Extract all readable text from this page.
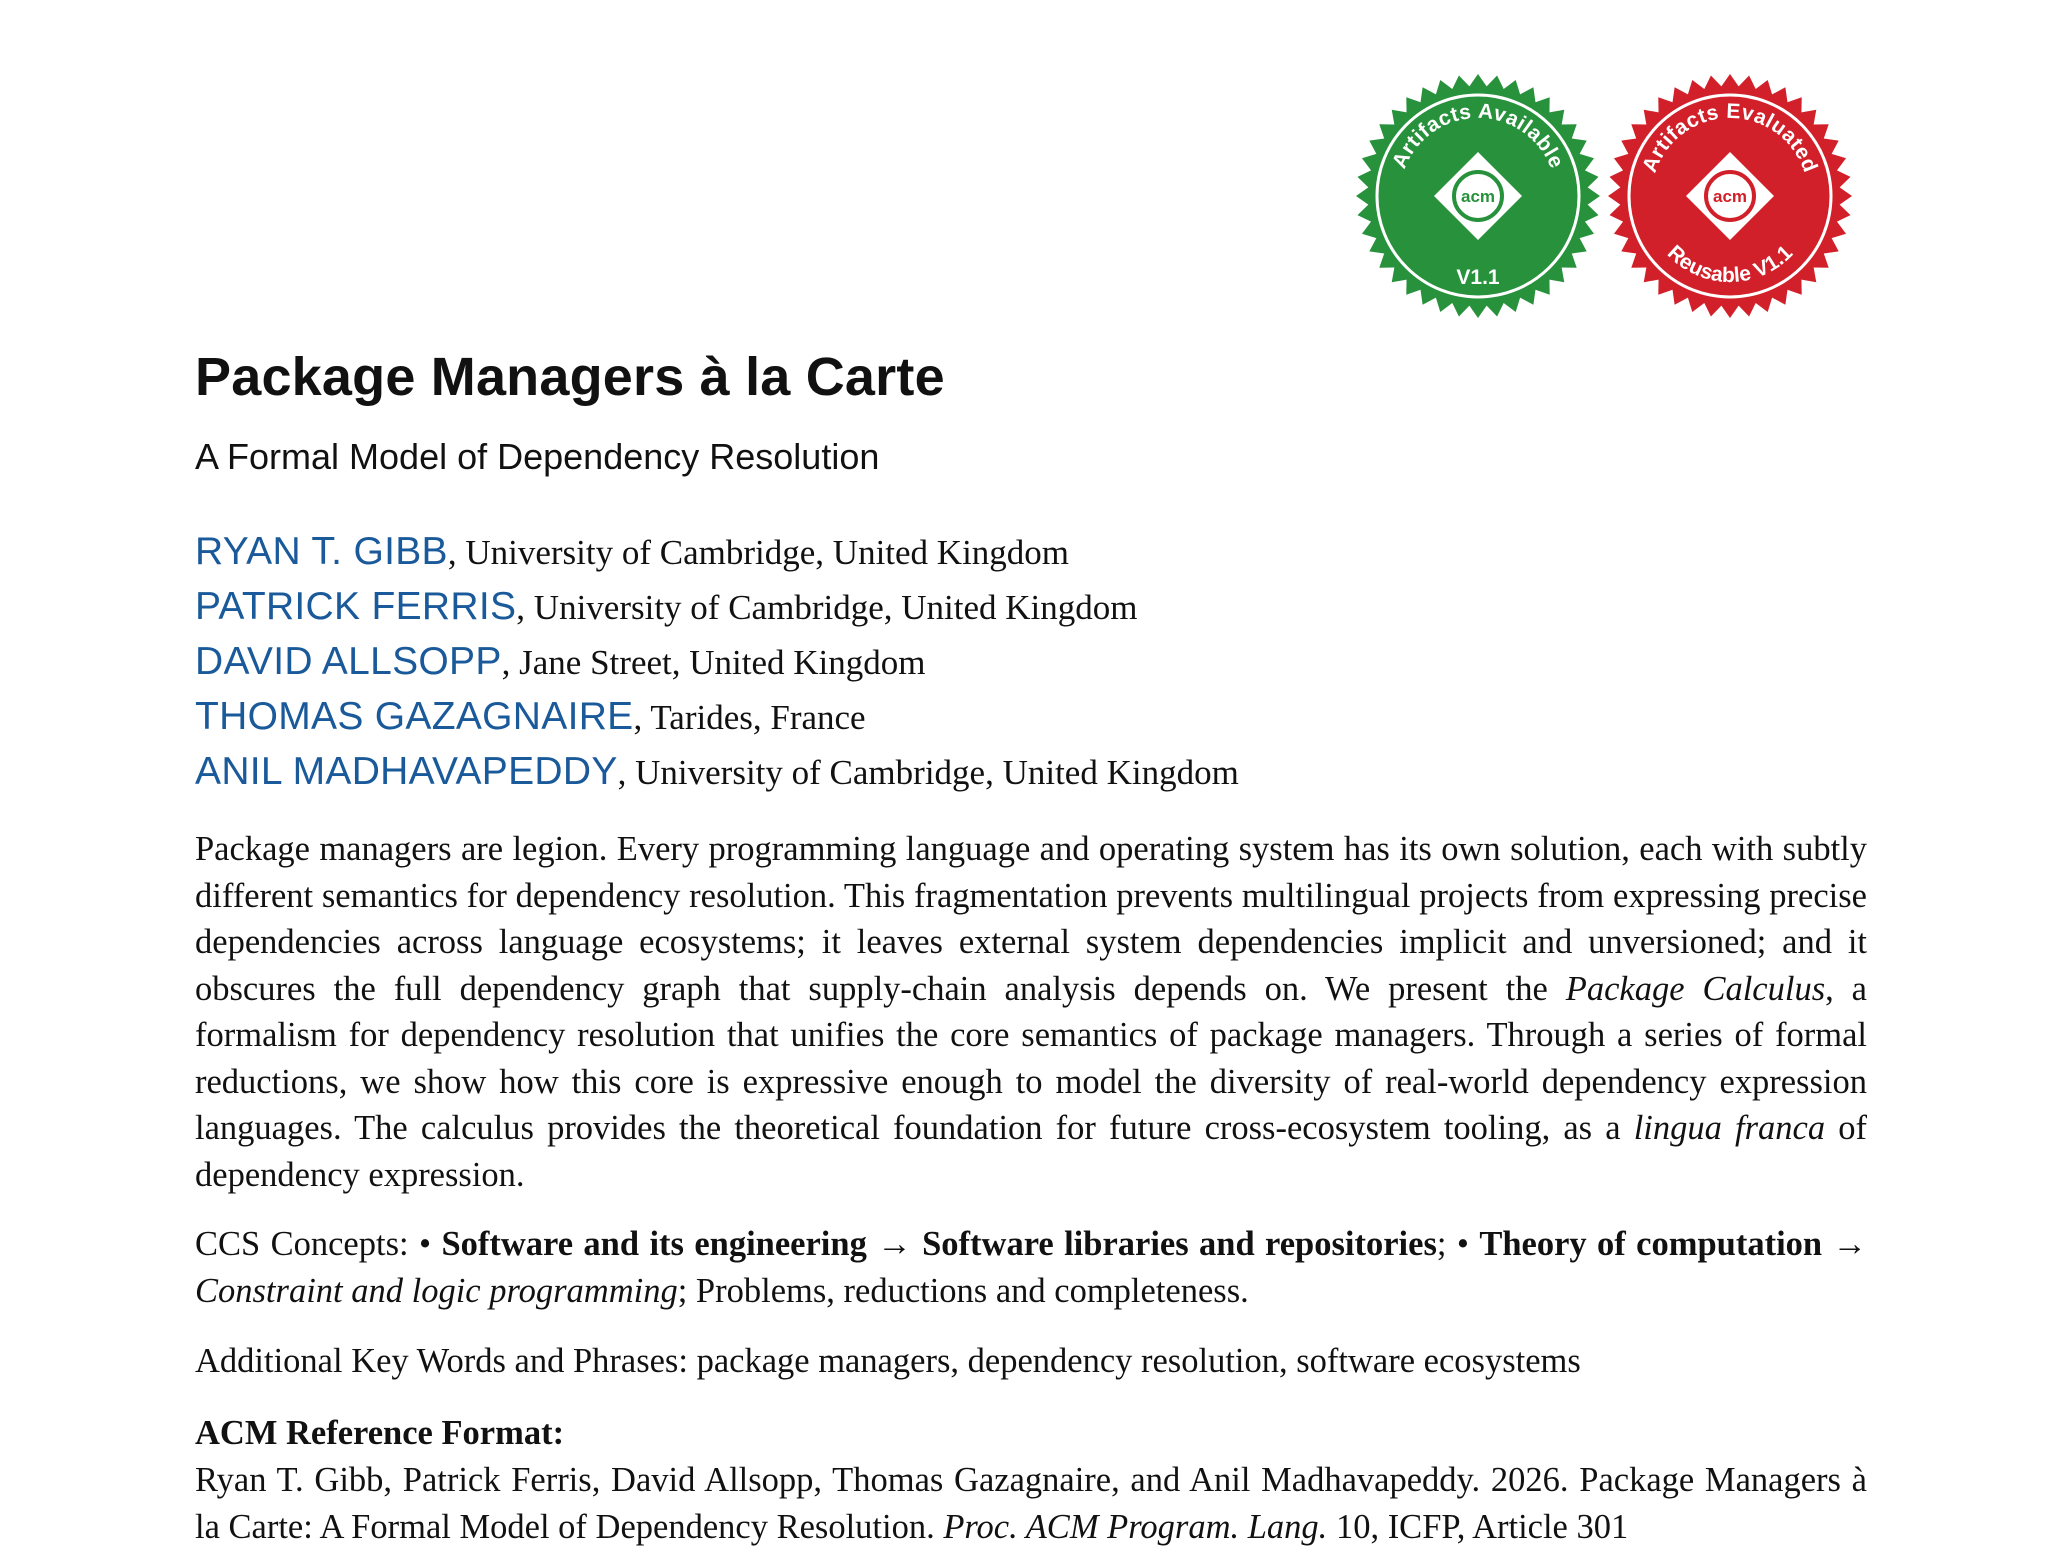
Artifacts Available
acm
V1.1
Artifacts Evaluated
acm
Reusable V1.1
Package Managers à la Carte
A Formal Model of Dependency Resolution
RYAN T. GIBB, University of Cambridge, United Kingdom
PATRICK FERRIS, University of Cambridge, United Kingdom
DAVID ALLSOPP, Jane Street, United Kingdom
THOMAS GAZAGNAIRE, Tarides, France
ANIL MADHAVAPEDDY, University of Cambridge, United Kingdom

Package managers are legion. Every programming language and operating system has its own solution, each with subtly different semantics for dependency resolution. This fragmentation prevents multilingual projects from expressing precise dependencies across language ecosystems; it leaves external system dependencies implicit and unversioned; and it obscures the full dependency graph that supply-chain analysis depends on. We present the Package Calculus, a formalism for dependency resolution that unifies the core semantics of package managers. Through a series of formal reductions, we show how this core is expressive enough to model the diversity of real-world dependency expression languages. The calculus provides the theoretical foundation for future cross-ecosystem tooling, as a lingua franca of dependency expression.

CCS Concepts: • Software and its engineering → Software libraries and repositories; • Theory of computation → Constraint and logic programming; Problems, reductions and completeness.

Additional Key Words and Phrases: package managers, dependency resolution, software ecosystems

ACM Reference Format:

Ryan T. Gibb, Patrick Ferris, David Allsopp, Thomas Gazagnaire, and Anil Madhavapeddy. 2026. Package Managers à la Carte: A Formal Model of Dependency Resolution. Proc. ACM Program. Lang. 10, ICFP, Article 301
